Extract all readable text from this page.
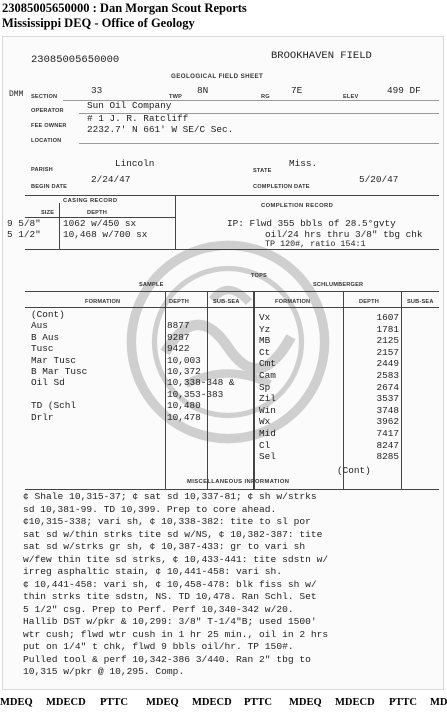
23085005650000 : Dan Morgan Scout Reports
Mississippi DEQ - Office of Geology
DMM
23085005650000	BROOKHAVEN FIELD
GEOLOGICAL FIELD SHEET
SECTION
33
TWP
8N
RG
7E
ELEV
499 DF
OPERATOR Sun Oil Company
FEE OWNER
# 1 J. R. Ratcliff
2232.7' N 661' W SE/C Sec.
LOCATION
PARISH
Lincoln
STATE
Miss.
BEGIN DATE
2/24/47
COMPLETION DATE
5/20/47
CASING RECORD
COMPLETION RECORD
SIZE	DEPTH
9 5/8" 1062 w/450 sx
5 1/2" 10,468 w/700 sx
IP: Flwd 355 bbls of 28.5°gvty
oil/24 hrs thru 3/8" tbg chk
TP 120#, ratio 154:1
TOPS
SAMPLE	SCHLUMBERGER
FORMATION	DEPTH	SUB-SEA	FORMATION	DEPTH	SUB-SEA
(Cont)
Aus	8877
B Aus	9287
Tusc	9422
Mar Tusc	10,003
B Mar Tusc	10,372
Oil Sd	10,338-348 &
10,353-383
TD (Schl	10,480
Drlr	10,478
Vx	1607
Yz	1781
MB	2125
Ct	2157
Cmt	2449
Cam	2583
Sp	2674
Zil	3537
Win	3748
Wx	3962
Mid	7417
Cl	8247
Sel	8285
(Cont)
MISCELLANEOUS INFORMATION
¢ Shale 10,315-37; ¢ sat sd 10,337-81; ¢ sh w/strks
sd 10,381-99. TD 10,399. Prep to core ahead.
¢10,315-338; vari sh, ¢ 10,338-382: tite to sl por
sat sd w/thin strks tite sd w/NS, ¢ 10,382-387: tite
sat sd w/strks gr sh, ¢ 10,387-433: gr to vari sh
w/few thin tite sd strks, ¢ 10,433-441: tite sdstn w/
irreg asphaltic stain, ¢ 10,441-458: vari sh.
¢ 10,441-458: vari sh, ¢ 10,458-478: blk fiss sh w/
thin strks tite sdstn, NS. TD 10,478. Ran Schl. Set
5 1/2" csg. Prep to Perf. Perf 10,340-342 w/20.
Hallib DST w/pkr & 10,299: 3/8" T-1/4"B; used 1500'
wtr cush; flwd wtr cush in 1 hr 25 min., oil in 2 hrs
put on 1/4" t chk, flwd 9 bbls oil/hr. TP 150#.
Pulled tool & perf 10,342-386 3/440. Ran 2" tbg to
10,315 w/pkr @ 10,295. Comp.
MDEQ MDECD PTTC MDEQ MDECD PTTC MDEQ MDECD PTTC MD
